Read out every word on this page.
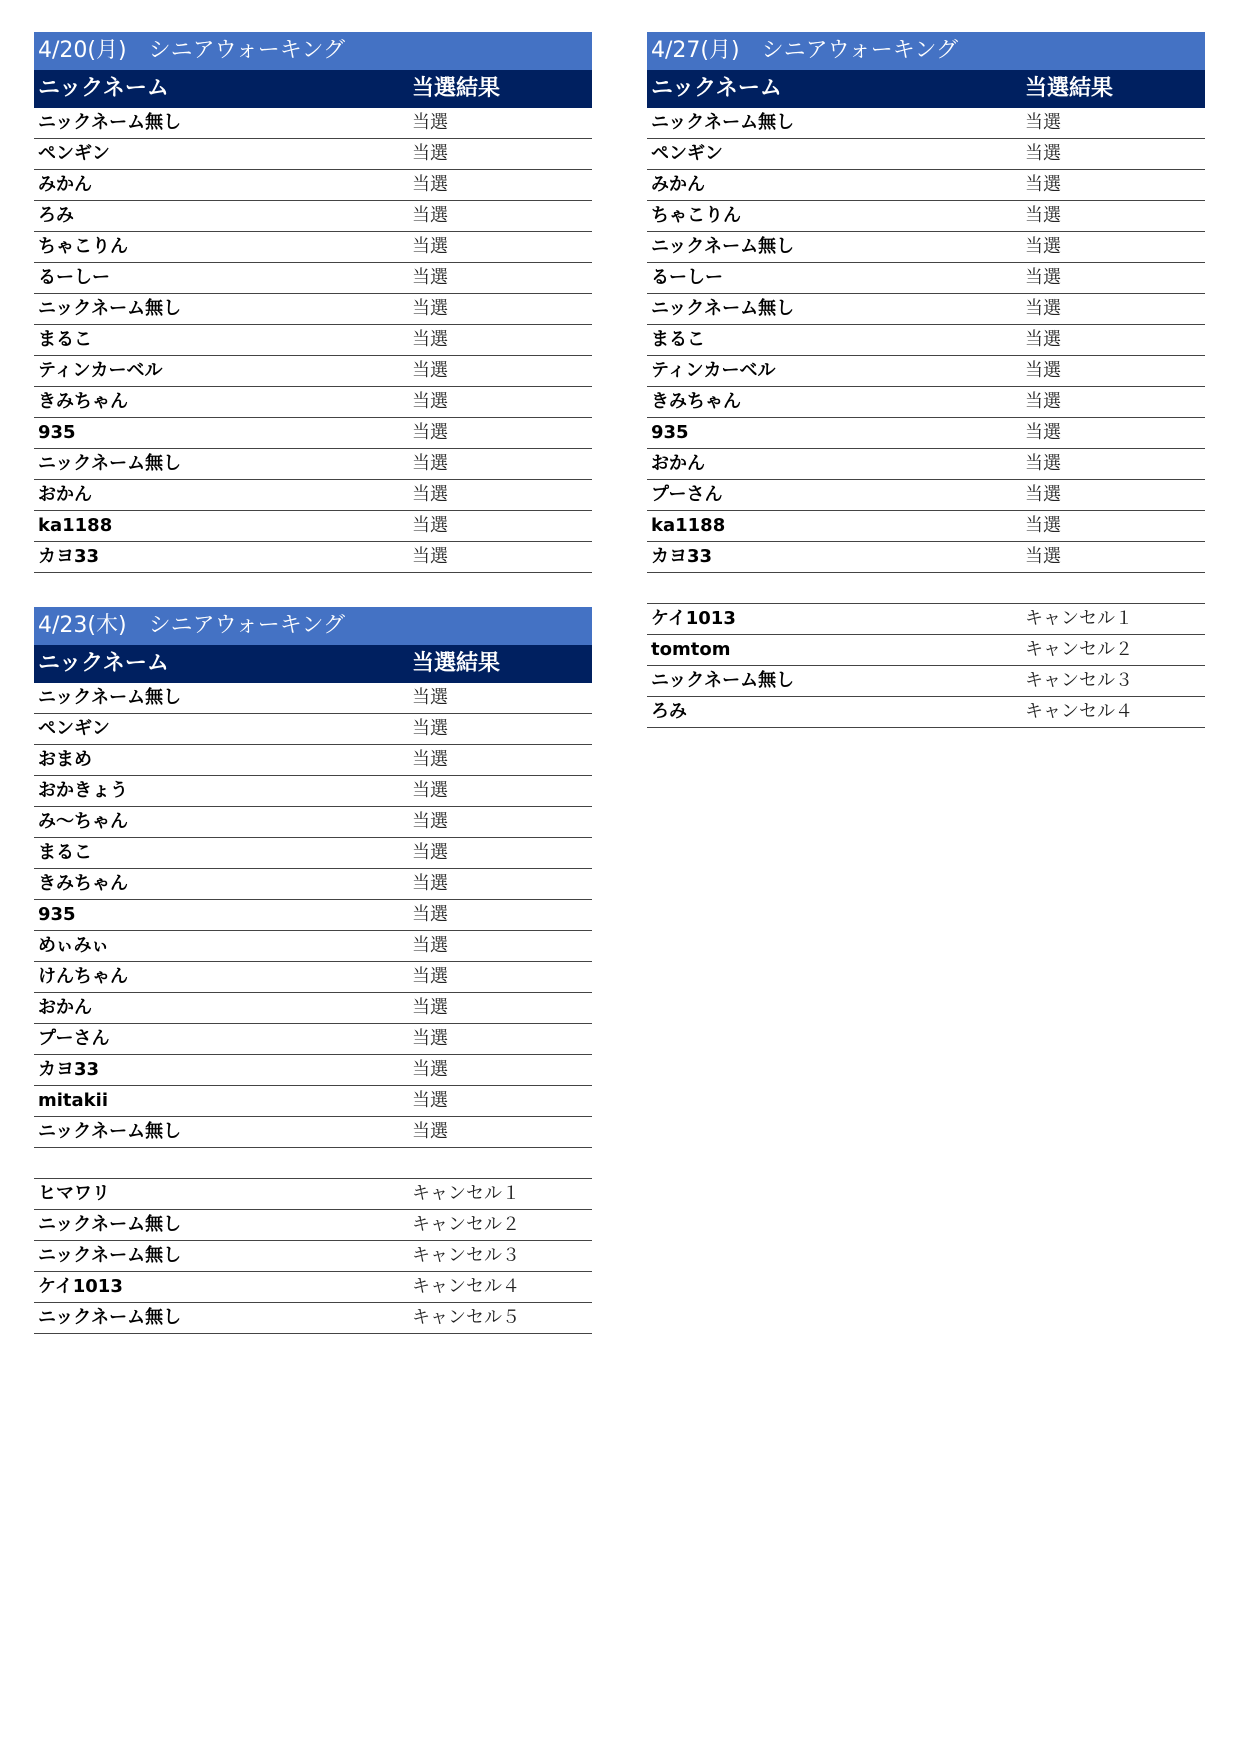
4/20(月)　シニアウォーキング
ニックネーム	当選結果
ニックネーム無し	当選
ペンギン	当選
みかん	当選
ろみ	当選
ちゃこりん	当選
るーしー	当選
ニックネーム無し	当選
まるこ	当選
ティンカーベル	当選
きみちゃん	当選
935	当選
ニックネーム無し	当選
おかん	当選
ka1188	当選
カヨ33	当選
4/27(月)　シニアウォーキング
ニックネーム	当選結果
ニックネーム無し	当選
ペンギン	当選
みかん	当選
ちゃこりん	当選
ニックネーム無し	当選
るーしー	当選
ニックネーム無し	当選
まるこ	当選
ティンカーベル	当選
きみちゃん	当選
935	当選
おかん	当選
プーさん	当選
ka1188	当選
カヨ33	当選
ケイ1013	キャンセル１
tomtom	キャンセル２
ニックネーム無し	キャンセル３
ろみ	キャンセル４
4/23(木)　シニアウォーキング
ニックネーム	当選結果
ニックネーム無し	当選
ペンギン	当選
おまめ	当選
おかきょう	当選
み～ちゃん	当選
まるこ	当選
きみちゃん	当選
935	当選
めぃみぃ	当選
けんちゃん	当選
おかん	当選
プーさん	当選
カヨ33	当選
mitakii	当選
ニックネーム無し	当選
ヒマワリ	キャンセル１
ニックネーム無し	キャンセル２
ニックネーム無し	キャンセル３
ケイ1013	キャンセル４
ニックネーム無し	キャンセル５
